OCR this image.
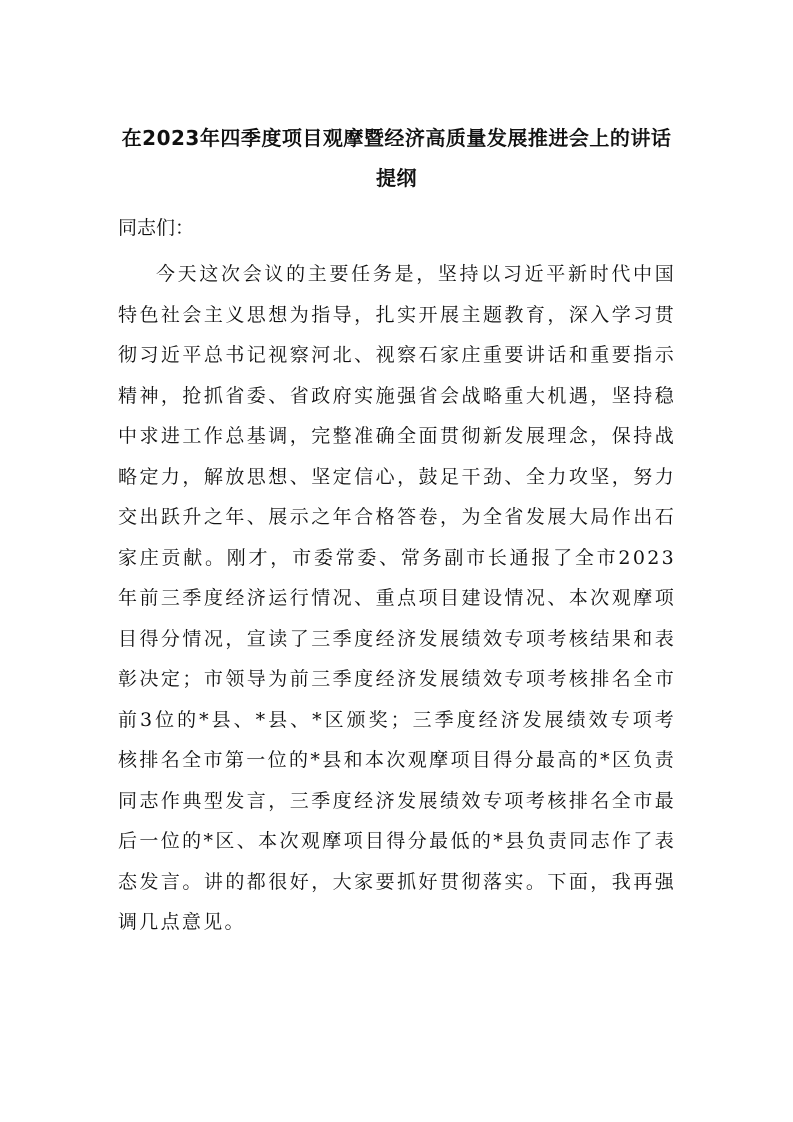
在2023年四季度项目观摩暨经济高质量发展推进会上的讲话提纲
同志们：

今天这次会议的主要任务是，坚持以习近平新时代中国特色社会主义思想为指导，扎实开展主题教育，深入学习贯彻习近平总书记视察河北、视察石家庄重要讲话和重要指示精神，抢抓省委、省政府实施强省会战略重大机遇，坚持稳中求进工作总基调，完整准确全面贯彻新发展理念，保持战略定力，解放思想、坚定信心，鼓足干劲、全力攻坚，努力交出跃升之年、展示之年合格答卷，为全省发展大局作出石家庄贡献。刚才，市委常委、常务副市长通报了全市2023年前三季度经济运行情况、重点项目建设情况、本次观摩项目得分情况，宣读了三季度经济发展绩效专项考核结果和表彰决定；市领导为前三季度经济发展绩效专项考核排名全市前3位的*县、*县、*区颁奖；三季度经济发展绩效专项考核排名全市第一位的*县和本次观摩项目得分最高的*区负责同志作典型发言，三季度经济发展绩效专项考核排名全市最后一位的*区、本次观摩项目得分最低的*县负责同志作了表态发言。讲的都很好，大家要抓好贯彻落实。下面，我再强调几点意见。
